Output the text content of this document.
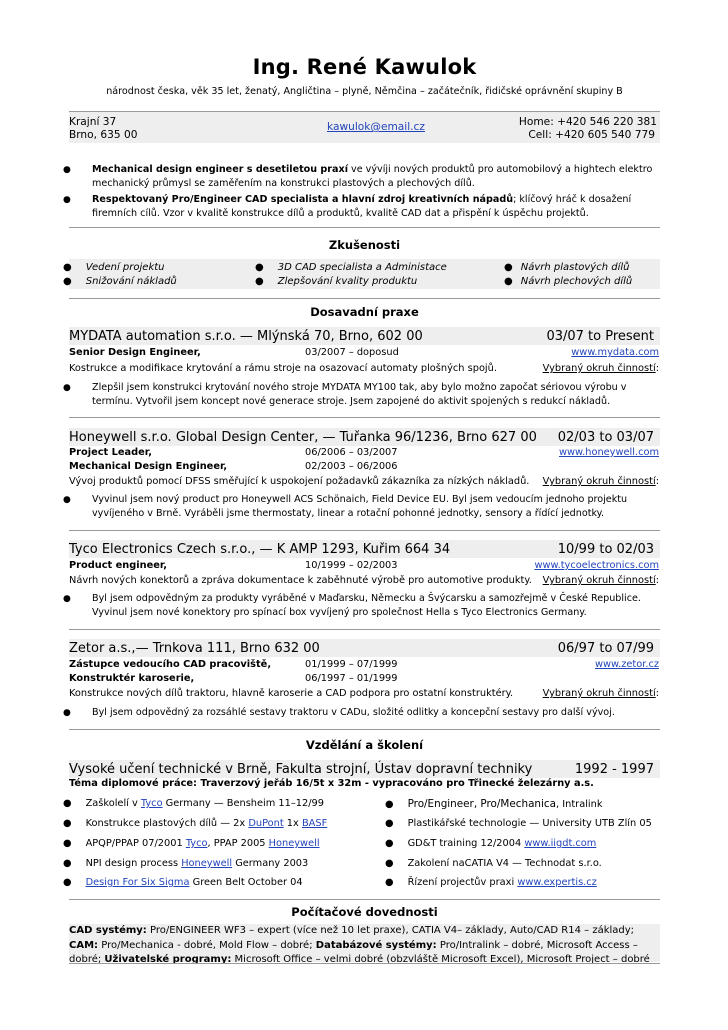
Ing. René Kawulok
národnost česka, věk 35 let, ženatý, Angličtina – plyně, Němčina – začátečník, řidičské oprávnění skupiny B
Krajní 37
Brno, 635 00
kawulok@email.cz	Home: +420 546 220 381
Cell: +420 605 540 779
● Mechanical design engineer s desetiletou praxí ve vývíji nových produktů pro automobilový a hightech elektro mechanický průmysl se zaměřením na konstrukci plastových a plechových dílů.
● Respektovaný Pro/Engineer CAD specialista a hlavní zdroj kreativních nápadů; klíčový hráč k dosažení firemních cílů. Vzor v kvalitě konstrukce dílů a produktů, kvalitě CAD dat a přispění k úspěchu projektů.
Zkušenosti
● Vedení projektu
● Snižování nákladů
● 3D CAD specialista a Administace
● Zlepšování kvality produktu
● Návrh plastových dílů
● Návrh plechových dílů
Dosavadní praxe
MYDATA automation s.r.o. — Mlýnská 70, Brno, 602 00	03/07 to Present
Senior Design Engineer,	03/2007 – doposud	www.mydata.com
Kostrukce a modifikace krytování a rámu stroje na osazovací automaty plošných spojů.	Vybraný okruh činností:
● Zlepšil jsem konstrukci krytování nového stroje MYDATA MY100 tak, aby bylo možno započat sériovou výrobu v termínu. Vytvořil jsem koncept nové generace stroje. Jsem zapojené do aktivit spojených s redukcí nákladů.
Honeywell s.r.o. Global Design Center, — Tuřanka 96/1236, Brno 627 00 02/03 to 03/07
Project Leader,	06/2006 – 03/2007	www.honeywell.com
Mechanical Design Engineer,	02/2003 – 06/2006
Vývoj produktů pomocí DFSS směřující k uspokojení požadavků zákazníka za nízkých nákladů. Vybraný okruh činností:
● Vyvinul jsem nový product pro Honeywell ACS Schönaich, Field Device EU. Byl jsem vedoucím jednoho projektu vyvíjeného v Brně. Vyráběli jsme thermostaty, linear a rotační pohonné jednotky, sensory a řídící jednotky.
Tyco Electronics Czech s.r.o., — K AMP 1293, Kuřim 664 34	10/99 to 02/03
Product engineer,	10/1999 – 02/2003	www.tycoelectronics.com
Návrh nových konektorů a zpráva dokumentace k zaběhnuté výrobě pro automotive produkty. Vybraný okruh činností:
● Byl jsem odpovědným za produkty vyráběné v Maďarsku, Německu a Švýcarsku a samozřejmě v České Republice. Vyvinul jsem nové konektory pro spínací box vyvíjený pro společnost Hella s Tyco Electronics Germany.
Zetor a.s.,— Trnkova 111, Brno 632 00	06/97 to 07/99
Zástupce vedoucího CAD pracoviště,	01/1999 – 07/1999	www.zetor.cz
Konstruktér karoserie,	06/1997 – 01/1999
Konstrukce nových dílů traktoru, hlavně karoserie a CAD podpora pro ostatní konstruktéry.	Vybraný okruh činností:
● Byl jsem odpovědný za rozsáhlé sestavy traktoru v CADu, složité odlitky a koncepční sestavy pro další vývoj.
Vzdělání a školení
Vysoké učení technické v Brně, Fakulta strojní, Ústav dopravní techniky	1992 - 1997
Téma diplomové práce: Traverzový jeřáb 16/5t x 32m - vypracováno pro Třinecké železárny a.s.
● Zaškolelí v Tyco Germany — Bensheim 11–12/99
● Konstrukce plastových dílů — 2x DuPont 1x BASF
● APQP/PPAP 07/2001 Tyco, PPAP 2005 Honeywell
● NPI design process Honeywell Germany 2003
● Design For Six Sigma Green Belt October 04
● Pro/Engineer, Pro/Mechanica, Intralink
● Plastikářské technologie — University UTB Zlín 05
● GD&T training 12/2004 www.iigdt.com
● Zakolení naCATIA V4 — Technodat s.r.o.
● Řízení projectův praxi www.expertis.cz
Počítačové dovednosti
CAD systémy: Pro/ENGINEER WF3 – expert (více než 10 let praxe), CATIA V4– základy, Auto/CAD R14 – základy;
CAM: Pro/Mechanica - dobré, Mold Flow – dobré; Databázové systémy: Pro/Intralink – dobré, Microsoft Access –
dobré; Uživatelské programy: Microsoft Office – velmi dobré (obzvláště Microsoft Excel), Microsoft Project – dobré
